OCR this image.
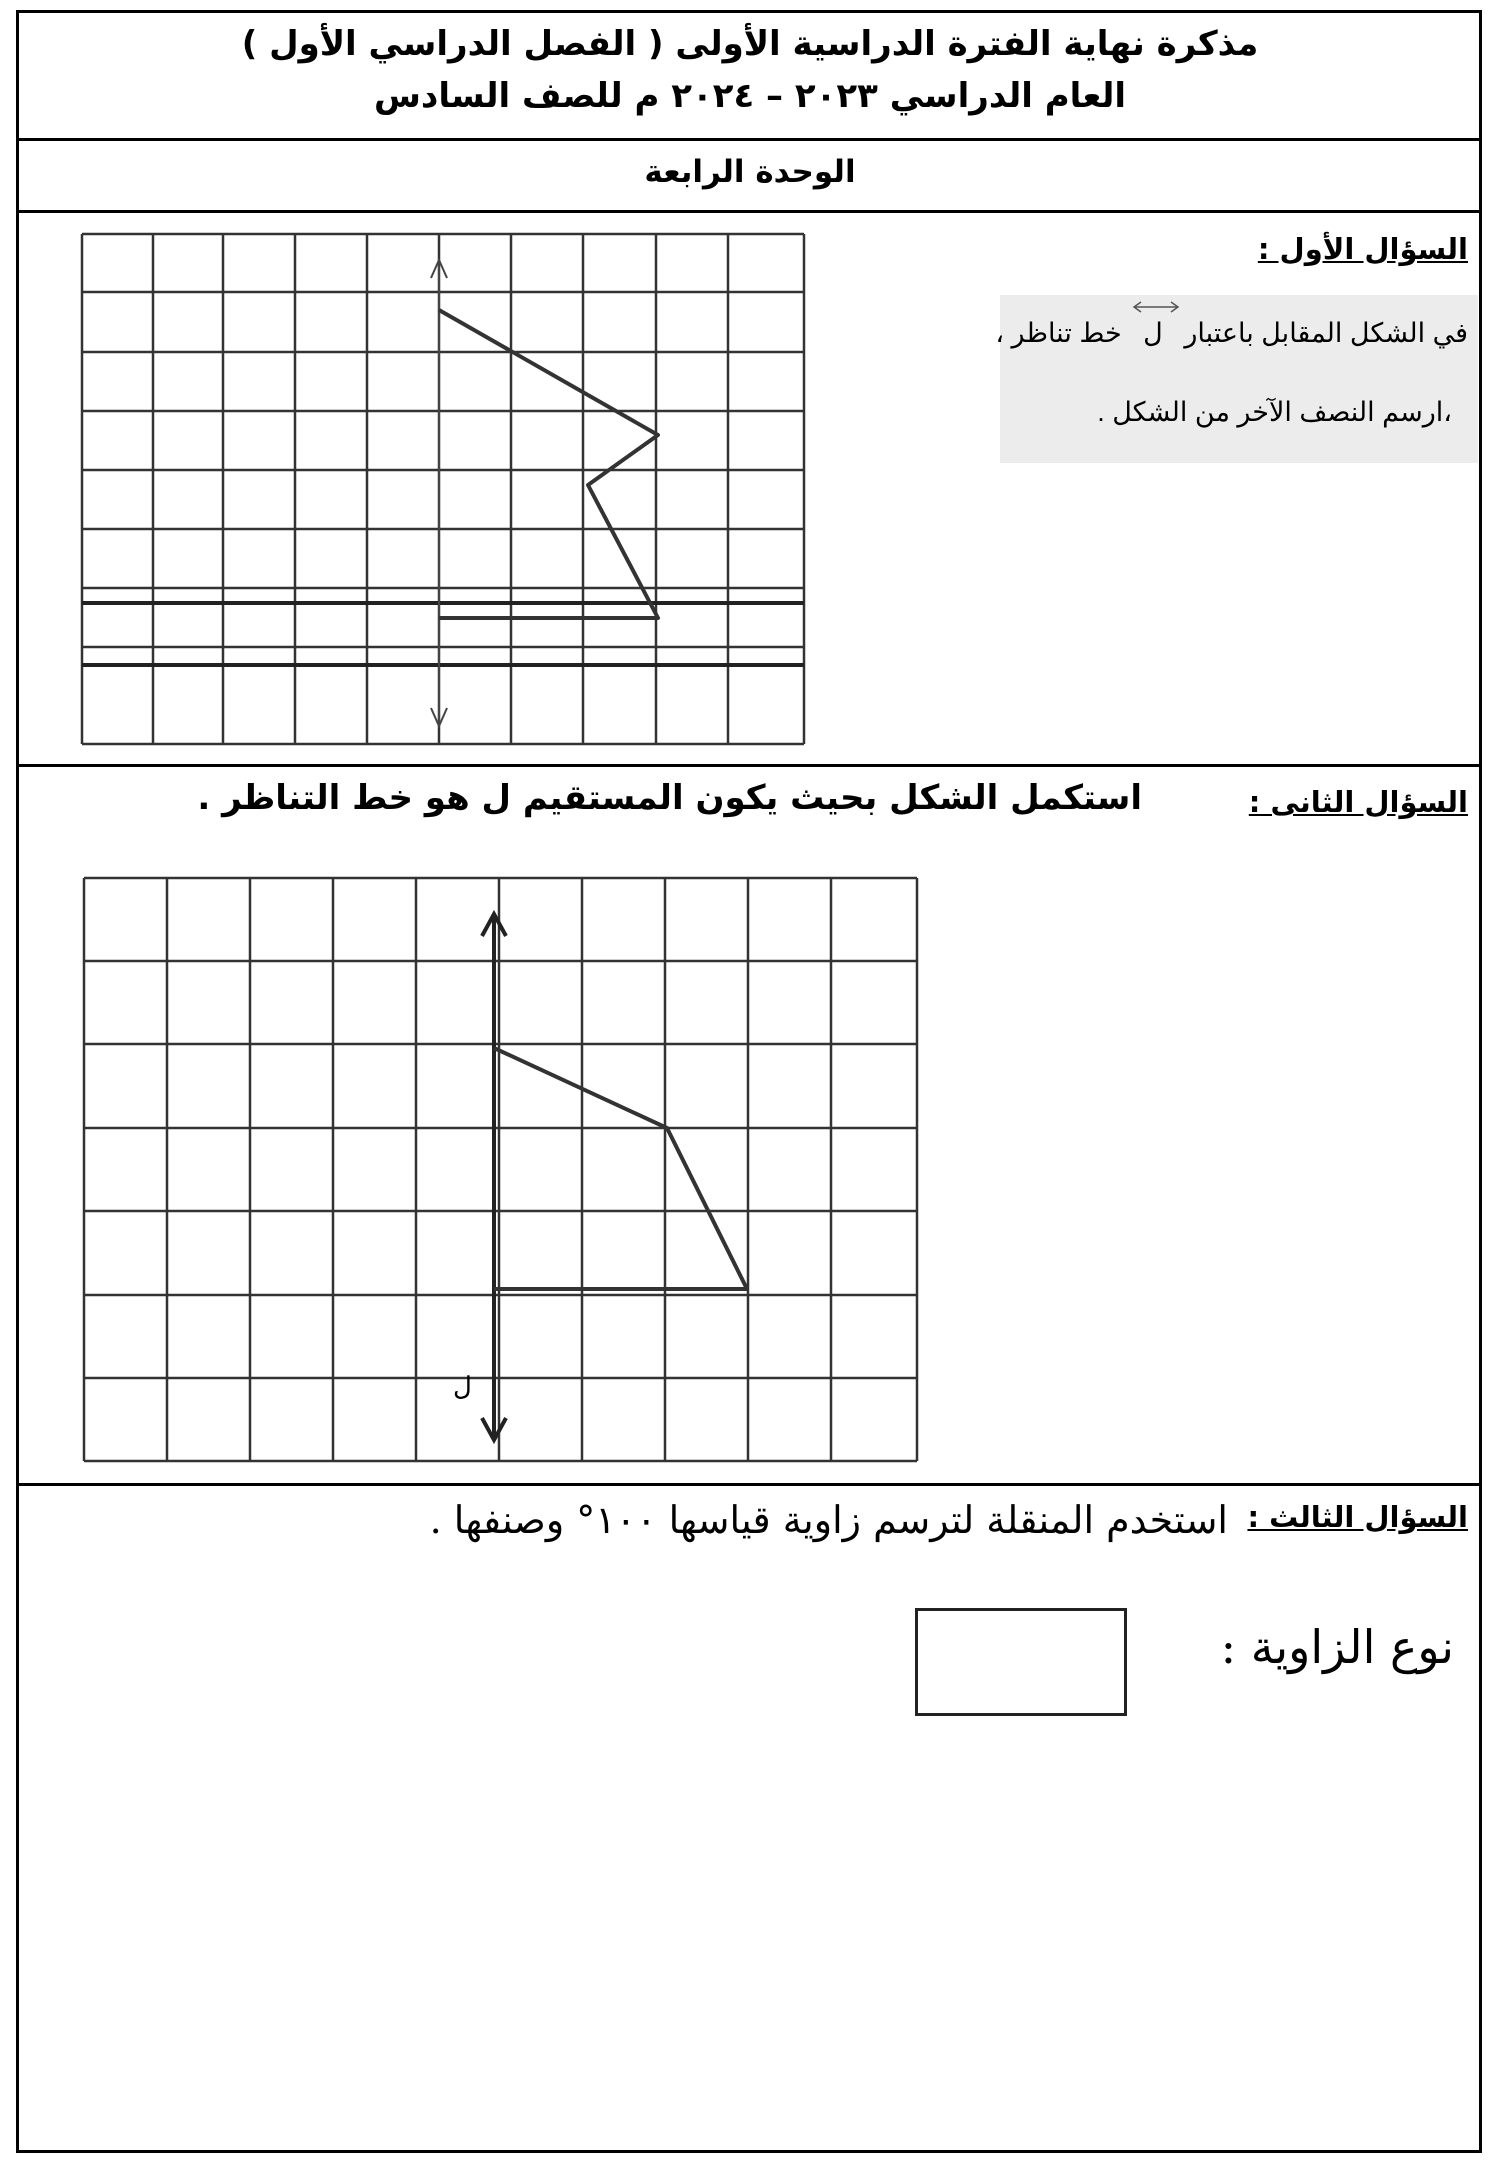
مذكرة نهاية الفترة الدراسية الأولى ( الفصل الدراسي الأول )
العام الدراسي ٢٠٢٣ – ٢٠٢٤ م للصف السادس
الوحدة الرابعة
السؤال الأول :
في الشكل المقابل باعتبار
ل خط تناظر ،
،ارسم النصف الآخر من الشكل .
السؤال الثانى :
استكمل الشكل بحيث يكون المستقيم ل هو خط التناظر .
ل
السؤال الثالث :
استخدم المنقلة لترسم زاوية قياسها ١٠٠° وصنفها .
نوع الزاوية :
